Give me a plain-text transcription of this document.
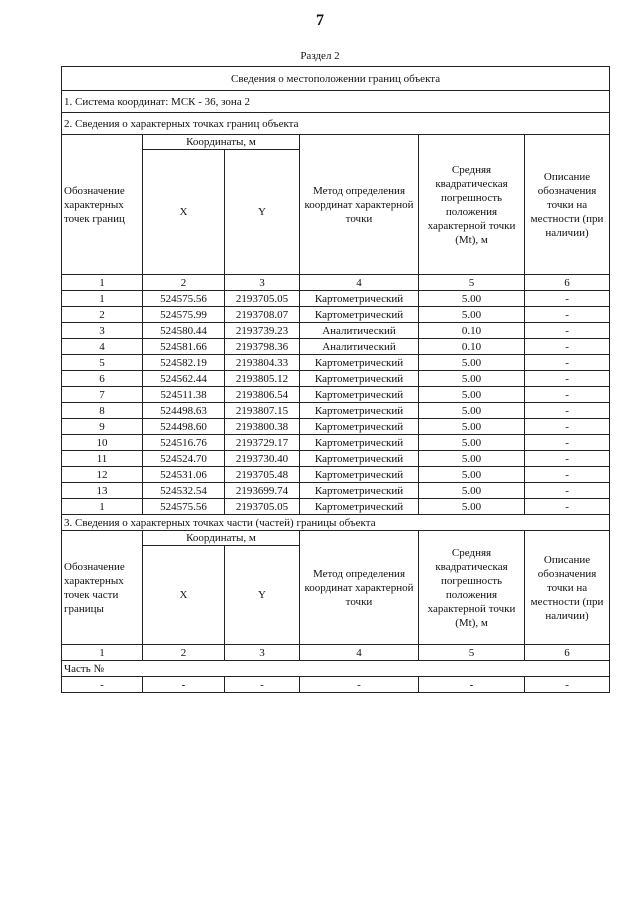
7
Раздел 2
Сведения о местоположении границ объекта					
1. Система координат: МСК - 36, зона 2					
2. Сведения о характерных точках границ объекта					
Обозначение характерных точек границ	Координаты, м		Метод определения координат характерной точки	Средняя квадратическая погрешность положения характерной точки (Mt), м	Описание обозначения точки на местности (при наличии)
	X	Y			
1	2	3	4	5	6
1	524575.56	2193705.05	Картометрический	5.00	-
2	524575.99	2193708.07	Картометрический	5.00	-
3	524580.44	2193739.23	Аналитический	0.10	-
4	524581.66	2193798.36	Аналитический	0.10	-
5	524582.19	2193804.33	Картометрический	5.00	-
6	524562.44	2193805.12	Картометрический	5.00	-
7	524511.38	2193806.54	Картометрический	5.00	-
8	524498.63	2193807.15	Картометрический	5.00	-
9	524498.60	2193800.38	Картометрический	5.00	-
10	524516.76	2193729.17	Картометрический	5.00	-
11	524524.70	2193730.40	Картометрический	5.00	-
12	524531.06	2193705.48	Картометрический	5.00	-
13	524532.54	2193699.74	Картометрический	5.00	-
1	524575.56	2193705.05	Картометрический	5.00	-
3. Сведения о характерных точках части (частей) границы объекта					
Обозначение характерных точек части границы	Координаты, м		Метод определения координат характерной точки	Средняя квадратическая погрешность положения характерной точки (Mt), м	Описание обозначения точки на местности (при наличии)
	X	Y			
1	2	3	4	5	6
Часть №					
-	-	-	-	-	-
